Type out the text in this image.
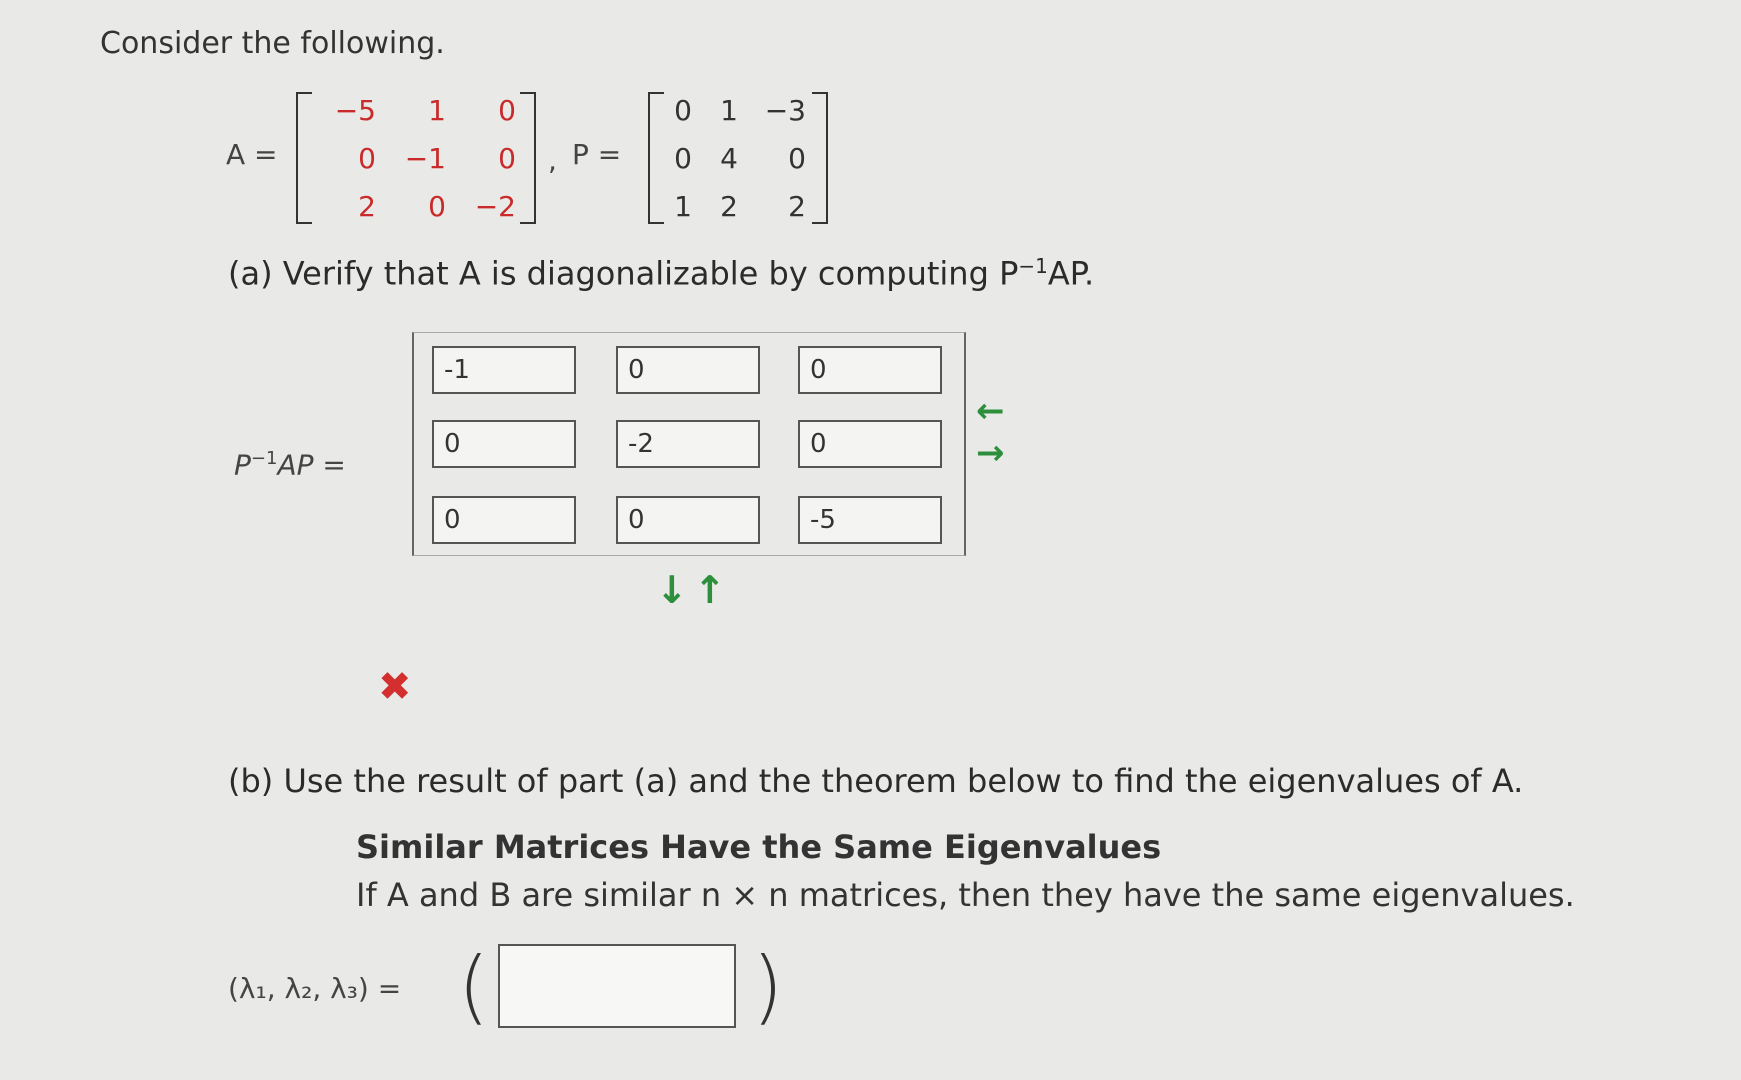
Consider the following.
A =
−5	1	0
0	−1	0
2	0	−2
, P =
0	1 −3
0	4	0
1	2	2
(a) Verify that A is diagonalizable by computing $P^{-1}AP$.
$P^{-1}AP$ =
-1	0	0
0	-2	0
0	0	-5
←
→
↓ ↑
✖
(b) Use the result of part (a) and the theorem below to find the eigenvalues of A.
Similar Matrices Have the Same Eigenvalues
If A and B are similar n × n matrices, then they have the same eigenvalues.
(λ₁, λ₂, λ₃) = (	)
